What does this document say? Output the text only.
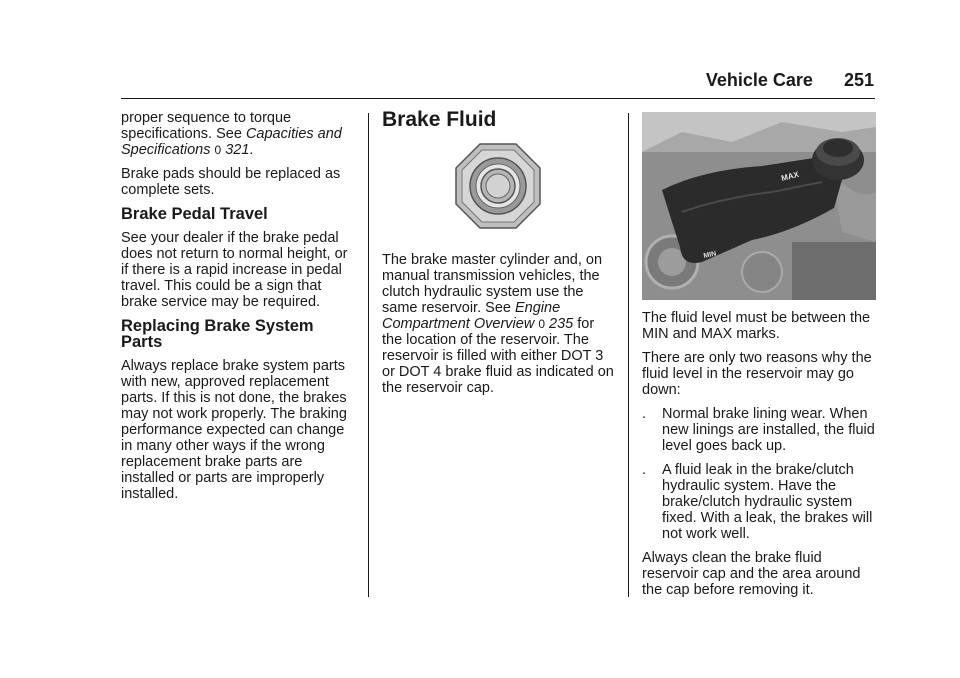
Vehicle Care 251

proper sequence to torque specifications. See Capacities and Specifications 0 321.

Brake pads should be replaced as complete sets.

Brake Pedal Travel

See your dealer if the brake pedal does not return to normal height, or if there is a rapid increase in pedal travel. This could be a sign that brake service may be required.

Replacing Brake System Parts

Always replace brake system parts with new, approved replacement parts. If this is not done, the brakes may not work properly. The braking performance expected can change in many other ways if the wrong replacement brake parts are installed or parts are improperly installed.

Brake Fluid

The brake master cylinder and, on manual transmission vehicles, the clutch hydraulic system use the same reservoir. See Engine Compartment Overview 0 235 for the location of the reservoir. The reservoir is filled with either DOT 3 or DOT 4 brake fluid as indicated on the reservoir cap.

MAX
MIN

The fluid level must be between the MIN and MAX marks.

There are only two reasons why the fluid level in the reservoir may go down:

. Normal brake lining wear. When new linings are installed, the fluid level goes back up.
. A fluid leak in the brake/clutch hydraulic system. Have the brake/clutch hydraulic system fixed. With a leak, the brakes will not work well.

Always clean the brake fluid reservoir cap and the area around the cap before removing it.
